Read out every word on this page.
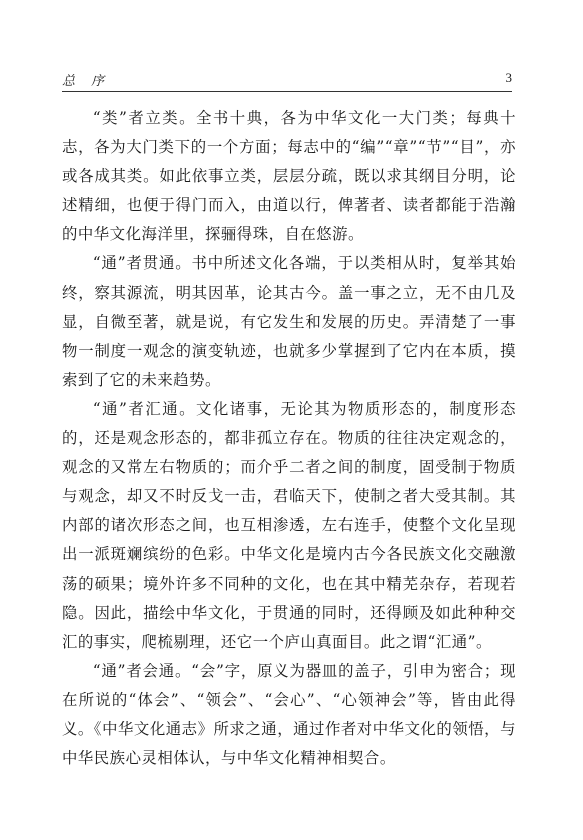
总 序	3

“类”者立类。全书十典，各为中华文化一大门类；每典十志，各为大门类下的一个方面；每志中的“编”“章”“节”“目”，亦或各成其类。如此依事立类，层层分疏，既以求其纲目分明，论述精细，也便于得门而入，由道以行，俾著者、读者都能于浩瀚的中华文化海洋里，探骊得珠，自在悠游。

“通”者贯通。书中所述文化各端，于以类相从时，复举其始终，察其源流，明其因革，论其古今。盖一事之立，无不由几及显，自微至著，就是说，有它发生和发展的历史。弄清楚了一事物一制度一观念的演变轨迹，也就多少掌握到了它内在本质，摸索到了它的未来趋势。

“通”者汇通。文化诸事，无论其为物质形态的，制度形态的，还是观念形态的，都非孤立存在。物质的往往决定观念的，观念的又常左右物质的；而介乎二者之间的制度，固受制于物质与观念，却又不时反戈一击，君临天下，使制之者大受其制。其内部的诸次形态之间，也互相渗透，左右连手，使整个文化呈现出一派斑斓缤纷的色彩。中华文化是境内古今各民族文化交融激荡的硕果；境外许多不同种的文化，也在其中精芜杂存，若现若隐。因此，描绘中华文化，于贯通的同时，还得顾及如此种种交汇的事实，爬梳剔理，还它一个庐山真面目。此之谓“汇通”。

“通”者会通。“会”字，原义为器皿的盖子，引申为密合；现在所说的“体会”、“领会”、“会心”、“心领神会”等，皆由此得义。《中华文化通志》所求之通，通过作者对中华文化的领悟，与中华民族心灵相体认，与中华文化精神相契合。
